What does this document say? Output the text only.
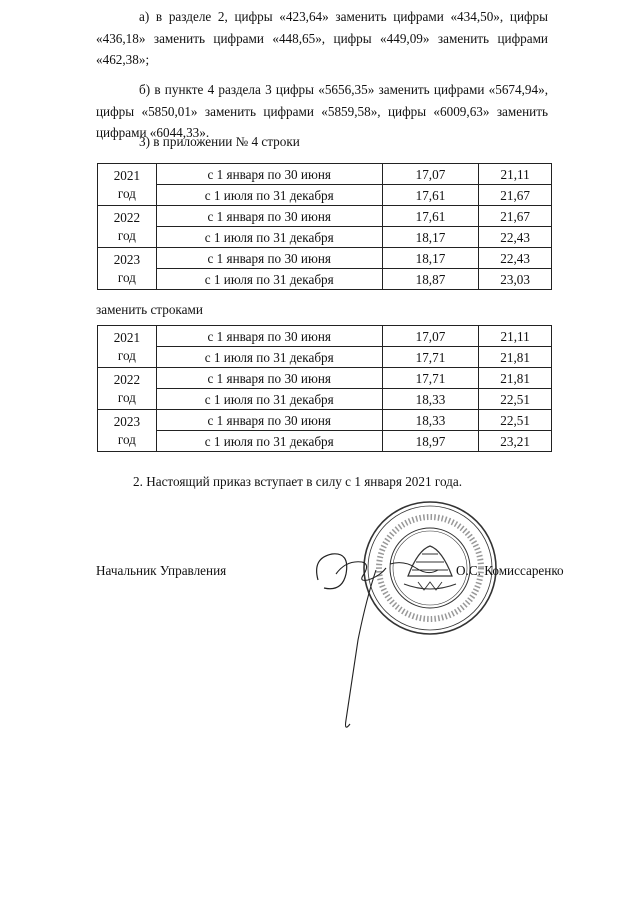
а) в разделе 2, цифры «423,64» заменить цифрами «434,50», цифры «436,18» заменить цифрами «448,65», цифры «449,09» заменить цифрами «462,38»;
б) в пункте 4 раздела 3 цифры «5656,35» заменить цифрами «5674,94», цифры «5850,01» заменить цифрами «5859,58», цифры «6009,63» заменить цифрами «6044,33».
3) в приложении № 4 строки
2021
год	с 1 января по 30 июня	17,07	21,11
	с 1 июля по 31 декабря	17,61	21,67

2022
год	с 1 января по 30 июня	17,61	21,67
	с 1 июля по 31 декабря	18,17	22,43

2023
год	с 1 января по 30 июня	18,17	22,43
	с 1 июля по 31 декабря	18,87	23,03
заменить строками
2021
год	с 1 января по 30 июня	17,07	21,11
	с 1 июля по 31 декабря	17,71	21,81

2022
год	с 1 января по 30 июня	17,71	21,81
	с 1 июля по 31 декабря	18,33	22,51

2023
год	с 1 января по 30 июня	18,33	22,51
	с 1 июля по 31 декабря	18,97	23,21
2. Настоящий приказ вступает в силу с 1 января 2021 года.
Начальник Управления	О.С. Комиссаренко
